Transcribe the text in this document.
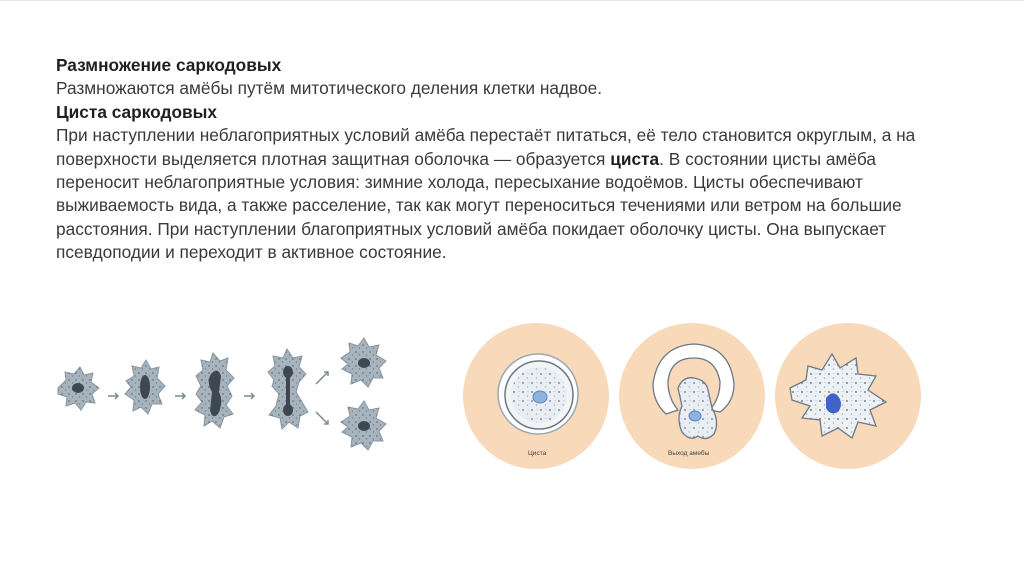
Размножение саркодовых

Размножаются амёбы путём митотического деления клетки надвое.

Циста саркодовых

При наступлении неблагоприятных условий амёба перестаёт питаться, её тело становится округлым, а на поверхности выделяется плотная защитная оболочка — образуется циста. В состоянии цисты амёба переносит неблагоприятные условия: зимние холода, пересыхание водоёмов. Цисты обеспечивают выживаемость вида, а также расселение, так как могут переноситься течениями или ветром на большие расстояния. При наступлении благоприятных условий амёба покидает оболочку цисты. Она выпускает псевдоподии и переходит в активное состояние.

Циста	Выход амебы
